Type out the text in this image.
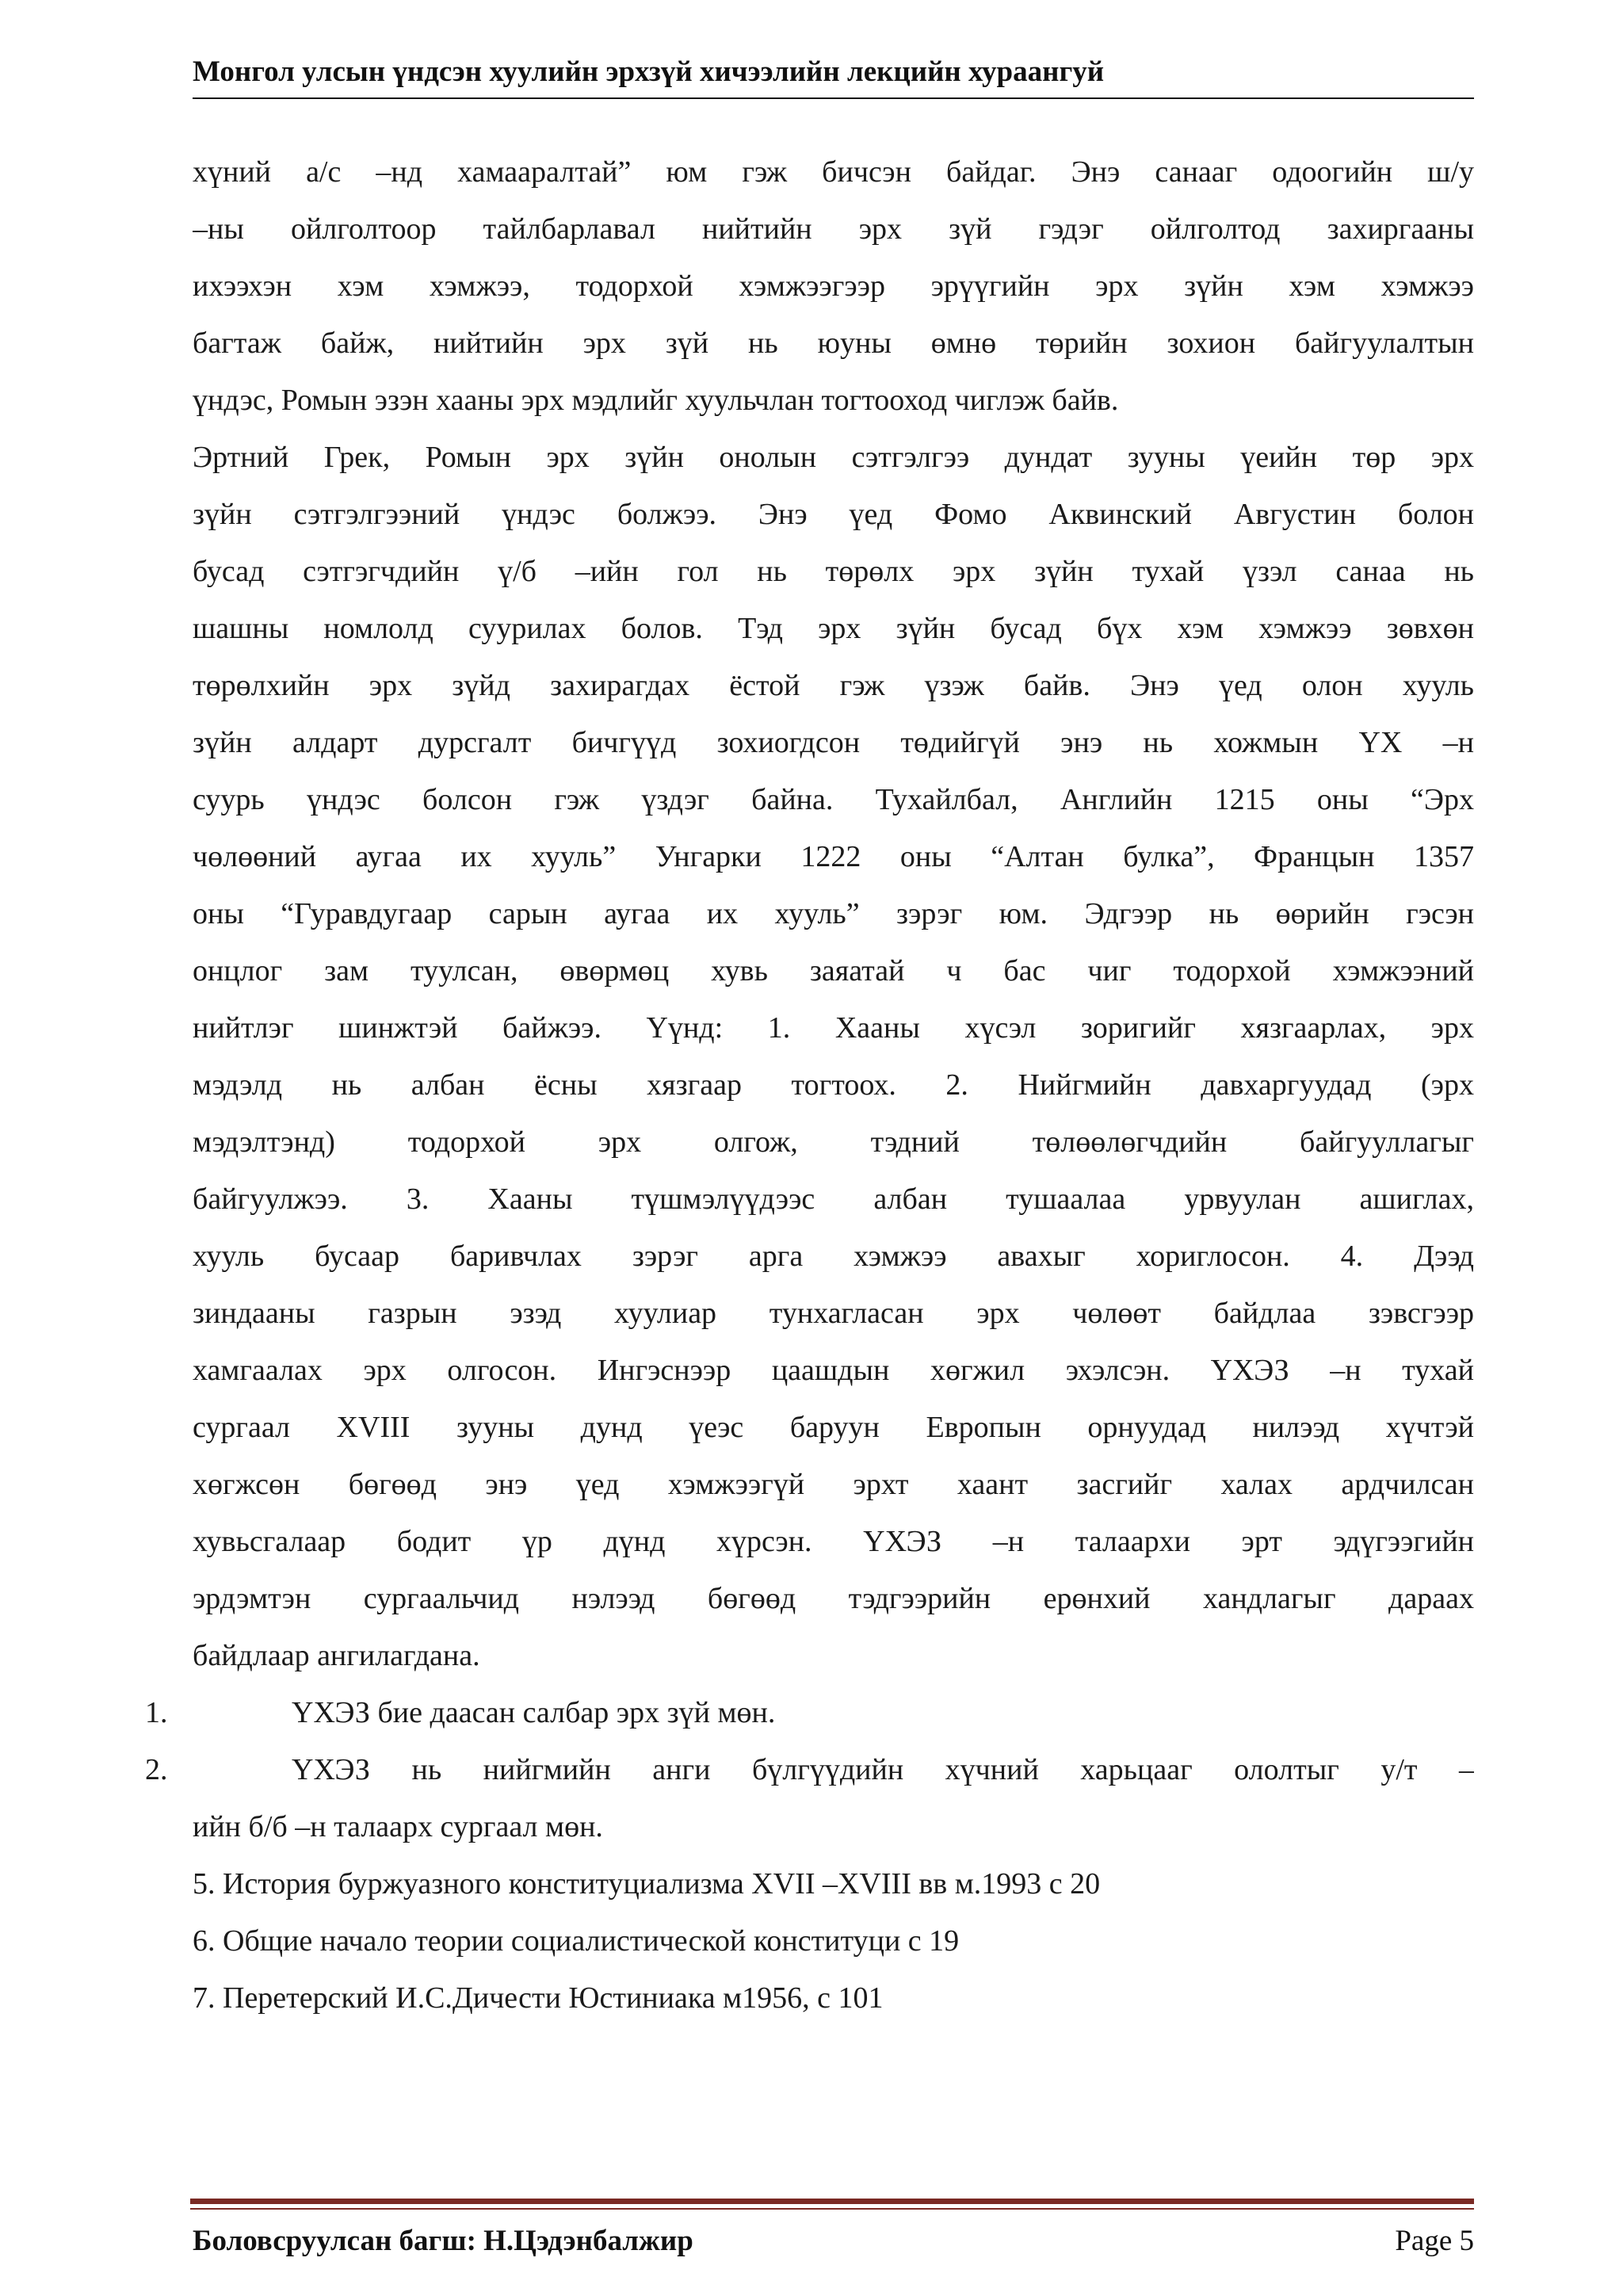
Монгол улсын үндсэн хуулийн эрхзүй хичээлийн лекцийн хураангуй
хүний а/с –нд хамааралтай” юм гэж бичсэн байдаг. Энэ санааг одоогийн ш/у
–ны ойлголтоор тайлбарлавал нийтийн эрх зүй гэдэг ойлголтод захиргааны
ихээхэн хэм хэмжээ, тодорхой хэмжээгээр эрүүгийн эрх зүйн хэм хэмжээ
багтаж байж, нийтийн эрх зүй нь юуны өмнө төрийн зохион байгуулалтын
үндэс, Ромын эзэн хааны эрх мэдлийг хуульчлан тогтооход чиглэж байв.
Эртний Грек, Ромын эрх зүйн онолын сэтгэлгээ дундат зууны үеийн төр эрх
зүйн сэтгэлгээний үндэс болжээ. Энэ үед Фомо Аквинский Августин болон
бусад сэтгэгчдийн ү/б –ийн гол нь төрөлх эрх зүйн тухай үзэл санаа нь
шашны номлолд суурилах болов. Тэд эрх зүйн бусад бүх хэм хэмжээ зөвхөн
төрөлхийн эрх зүйд захирагдах ёстой гэж үзэж байв. Энэ үед олон хууль
зүйн алдарт дурсгалт бичгүүд зохиогдсон төдийгүй энэ нь хожмын ҮХ –н
суурь үндэс болсон гэж үздэг байна. Тухайлбал, Английн 1215 оны “Эрх
чөлөөний аугаа их хууль” Унгарки 1222 оны “Алтан булка”, Францын 1357
оны “Гуравдугаар сарын аугаа их хууль” зэрэг юм. Эдгээр нь өөрийн гэсэн
онцлог зам туулсан, өвөрмөц хувь заяатай ч бас чиг тодорхой хэмжээний
нийтлэг шинжтэй байжээ. Үүнд: 1. Хааны хүсэл зоригийг хязгаарлах, эрх
мэдэлд нь албан ёсны хязгаар тогтоох. 2. Нийгмийн давхаргуудад (эрх
мэдэлтэнд) тодорхой эрх олгож, тэдний төлөөлөгчдийн байгууллагыг
байгуулжээ. 3. Хааны түшмэлүүдээс албан тушаалаа урвуулан ашиглах,
хууль бусаар баривчлах зэрэг арга хэмжээ авахыг хориглосон. 4. Дээд
зиндааны газрын эзэд хуулиар тунхагласан эрх чөлөөт байдлаа зэвсгээр
хамгаалах эрх олгосон. Ингэснээр цаашдын хөгжил эхэлсэн. ҮХЭЗ –н тухай
сургаал XVIII зууны дунд үеэс баруун Европын орнуудад нилээд хүчтэй
хөгжсөн бөгөөд энэ үед хэмжээгүй эрхт хаант засгийг халах ардчилсан
хувьсгалаар бодит үр дүнд хүрсэн. ҮХЭЗ –н талаархи эрт эдүгээгийн
эрдэмтэн сургаальчид нэлээд бөгөөд тэдгээрийн ерөнхий хандлагыг дараах
байдлаар ангилагдана.
1.	ҮХЭЗ бие даасан салбар эрх зүй мөн.
2.	ҮХЭЗ нь нийгмийн анги бүлгүүдийн хүчний харьцааг ололтыг у/т –
ийн б/б –н талаарх сургаал мөн.
5. История буржуазного конституциализма XVII –XVIII вв м.1993 с 20
6. Общие начало теории социалистической конституци с 19
7. Перетерский И.С.Дичести Юстиниака м1956, с 101
Боловсруулсан багш: Н.Цэдэнбалжир	Page 5
